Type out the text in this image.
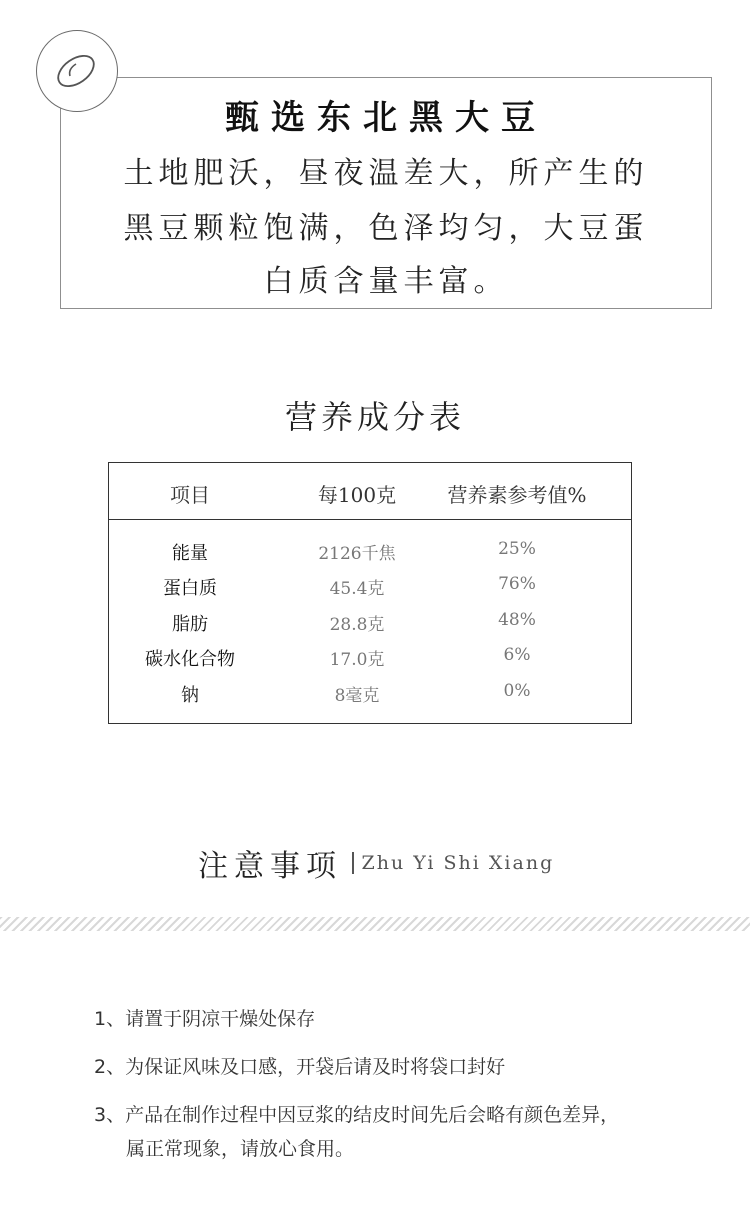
甄选东北黑大豆
土地肥沃，昼夜温差大，所产生的
黑豆颗粒饱满，色泽均匀，大豆蛋
白质含量丰富。
营养成分表
项目	每100克	营养素参考值%
能量	2126千焦	25%
蛋白质	45.4克	76%
脂肪	28.8克	48%
碳水化合物	17.0克	6%
钠	8毫克	0%
注意事项 Zhu Yi Shi Xiang
1、请置于阴凉干燥处保存
2、为保证风味及口感，开袋后请及时将袋口封好
3、产品在制作过程中因豆浆的结皮时间先后会略有颜色差异，
属正常现象，请放心食用。
